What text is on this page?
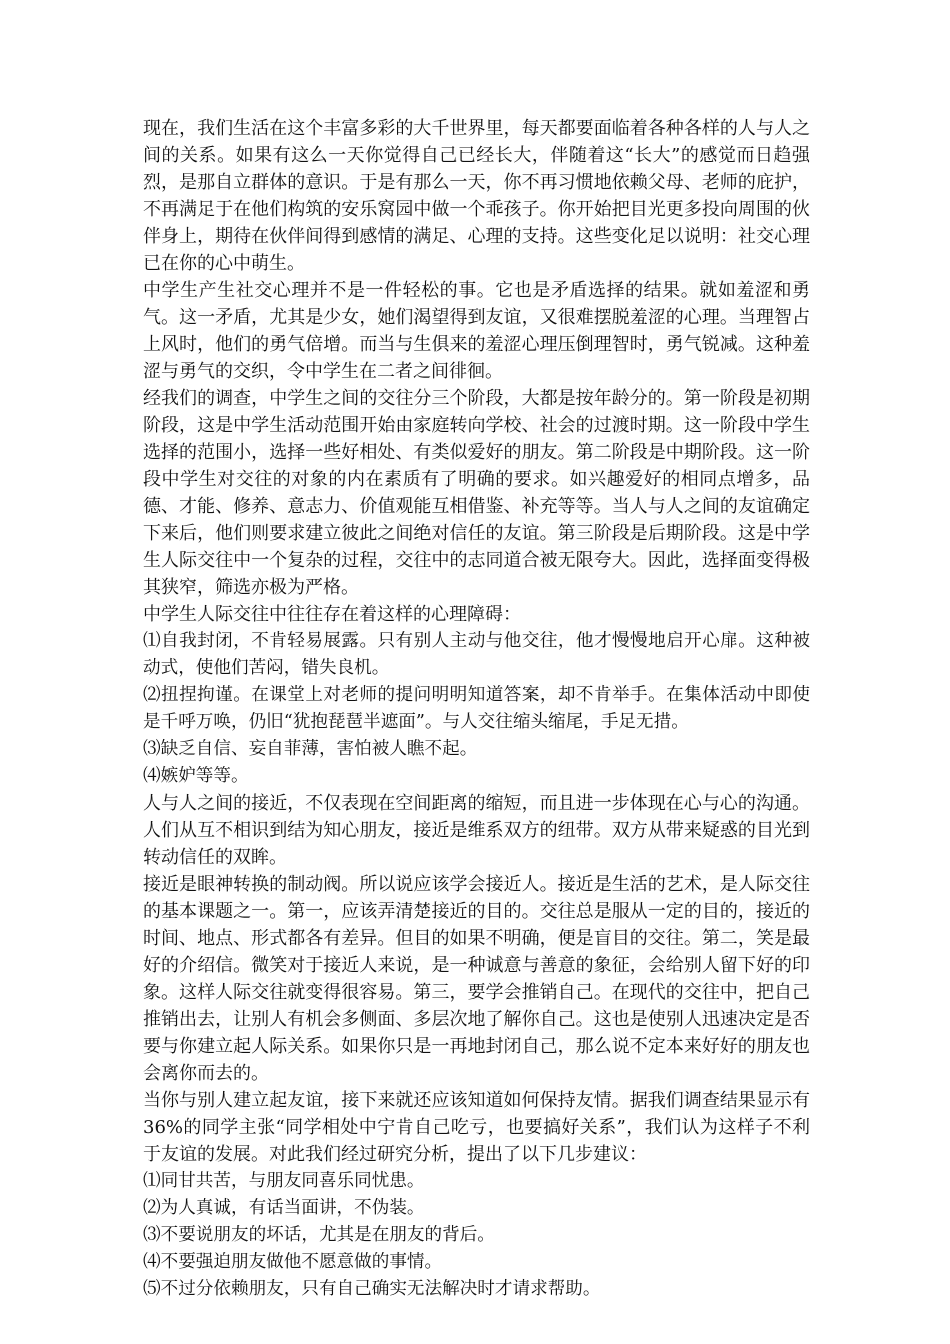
现在，我们生活在这个丰富多彩的大千世界里，每天都要面临着各种各样的人与人之间的关系。如果有这么一天你觉得自己已经长大，伴随着这“长大”的感觉而日趋强烈，是那自立群体的意识。于是有那么一天，你不再习惯地依赖父母、老师的庇护，不再满足于在他们构筑的安乐窝园中做一个乖孩子。你开始把目光更多投向周围的伙伴身上，期待在伙伴间得到感情的满足、心理的支持。这些变化足以说明：社交心理已在你的心中萌生。

中学生产生社交心理并不是一件轻松的事。它也是矛盾选择的结果。就如羞涩和勇气。这一矛盾，尤其是少女，她们渴望得到友谊，又很难摆脱羞涩的心理。当理智占上风时，他们的勇气倍增。而当与生俱来的羞涩心理压倒理智时，勇气锐减。这种羞涩与勇气的交织，令中学生在二者之间徘徊。

经我们的调查，中学生之间的交往分三个阶段，大都是按年龄分的。第一阶段是初期阶段，这是中学生活动范围开始由家庭转向学校、社会的过渡时期。这一阶段中学生选择的范围小，选择一些好相处、有类似爱好的朋友。第二阶段是中期阶段。这一阶段中学生对交往的对象的内在素质有了明确的要求。如兴趣爱好的相同点增多，品德、才能、修养、意志力、价值观能互相借鉴、补充等等。当人与人之间的友谊确定下来后，他们则要求建立彼此之间绝对信任的友谊。第三阶段是后期阶段。这是中学生人际交往中一个复杂的过程，交往中的志同道合被无限夸大。因此，选择面变得极其狭窄，筛选亦极为严格。

中学生人际交往中往往存在着这样的心理障碍：

⑴自我封闭，不肯轻易展露。只有别人主动与他交往，他才慢慢地启开心扉。这种被动式，使他们苦闷，错失良机。

⑵扭捏拘谨。在课堂上对老师的提问明明知道答案，却不肯举手。在集体活动中即使是千呼万唤，仍旧“犹抱琵琶半遮面”。与人交往缩头缩尾，手足无措。

⑶缺乏自信、妄自菲薄，害怕被人瞧不起。

⑷嫉妒等等。

人与人之间的接近，不仅表现在空间距离的缩短，而且进一步体现在心与心的沟通。人们从互不相识到结为知心朋友，接近是维系双方的纽带。双方从带来疑惑的目光到转动信任的双眸。

接近是眼神转换的制动阀。所以说应该学会接近人。接近是生活的艺术，是人际交往的基本课题之一。第一，应该弄清楚接近的目的。交往总是服从一定的目的，接近的时间、地点、形式都各有差异。但目的如果不明确，便是盲目的交往。第二，笑是最好的介绍信。微笑对于接近人来说，是一种诚意与善意的象征，会给别人留下好的印象。这样人际交往就变得很容易。第三，要学会推销自己。在现代的交往中，把自己推销出去，让别人有机会多侧面、多层次地了解你自己。这也是使别人迅速决定是否要与你建立起人际关系。如果你只是一再地封闭自己，那么说不定本来好好的朋友也会离你而去的。

当你与别人建立起友谊，接下来就还应该知道如何保持友情。据我们调查结果显示有 36%的同学主张“同学相处中宁肯自己吃亏，也要搞好关系”，我们认为这样子不利于友谊的发展。对此我们经过研究分析，提出了以下几步建议：

⑴同甘共苦，与朋友同喜乐同忧患。

⑵为人真诚，有话当面讲，不伪装。

⑶不要说朋友的坏话，尤其是在朋友的背后。

⑷不要强迫朋友做他不愿意做的事情。

⑸不过分依赖朋友，只有自己确实无法解决时才请求帮助。
